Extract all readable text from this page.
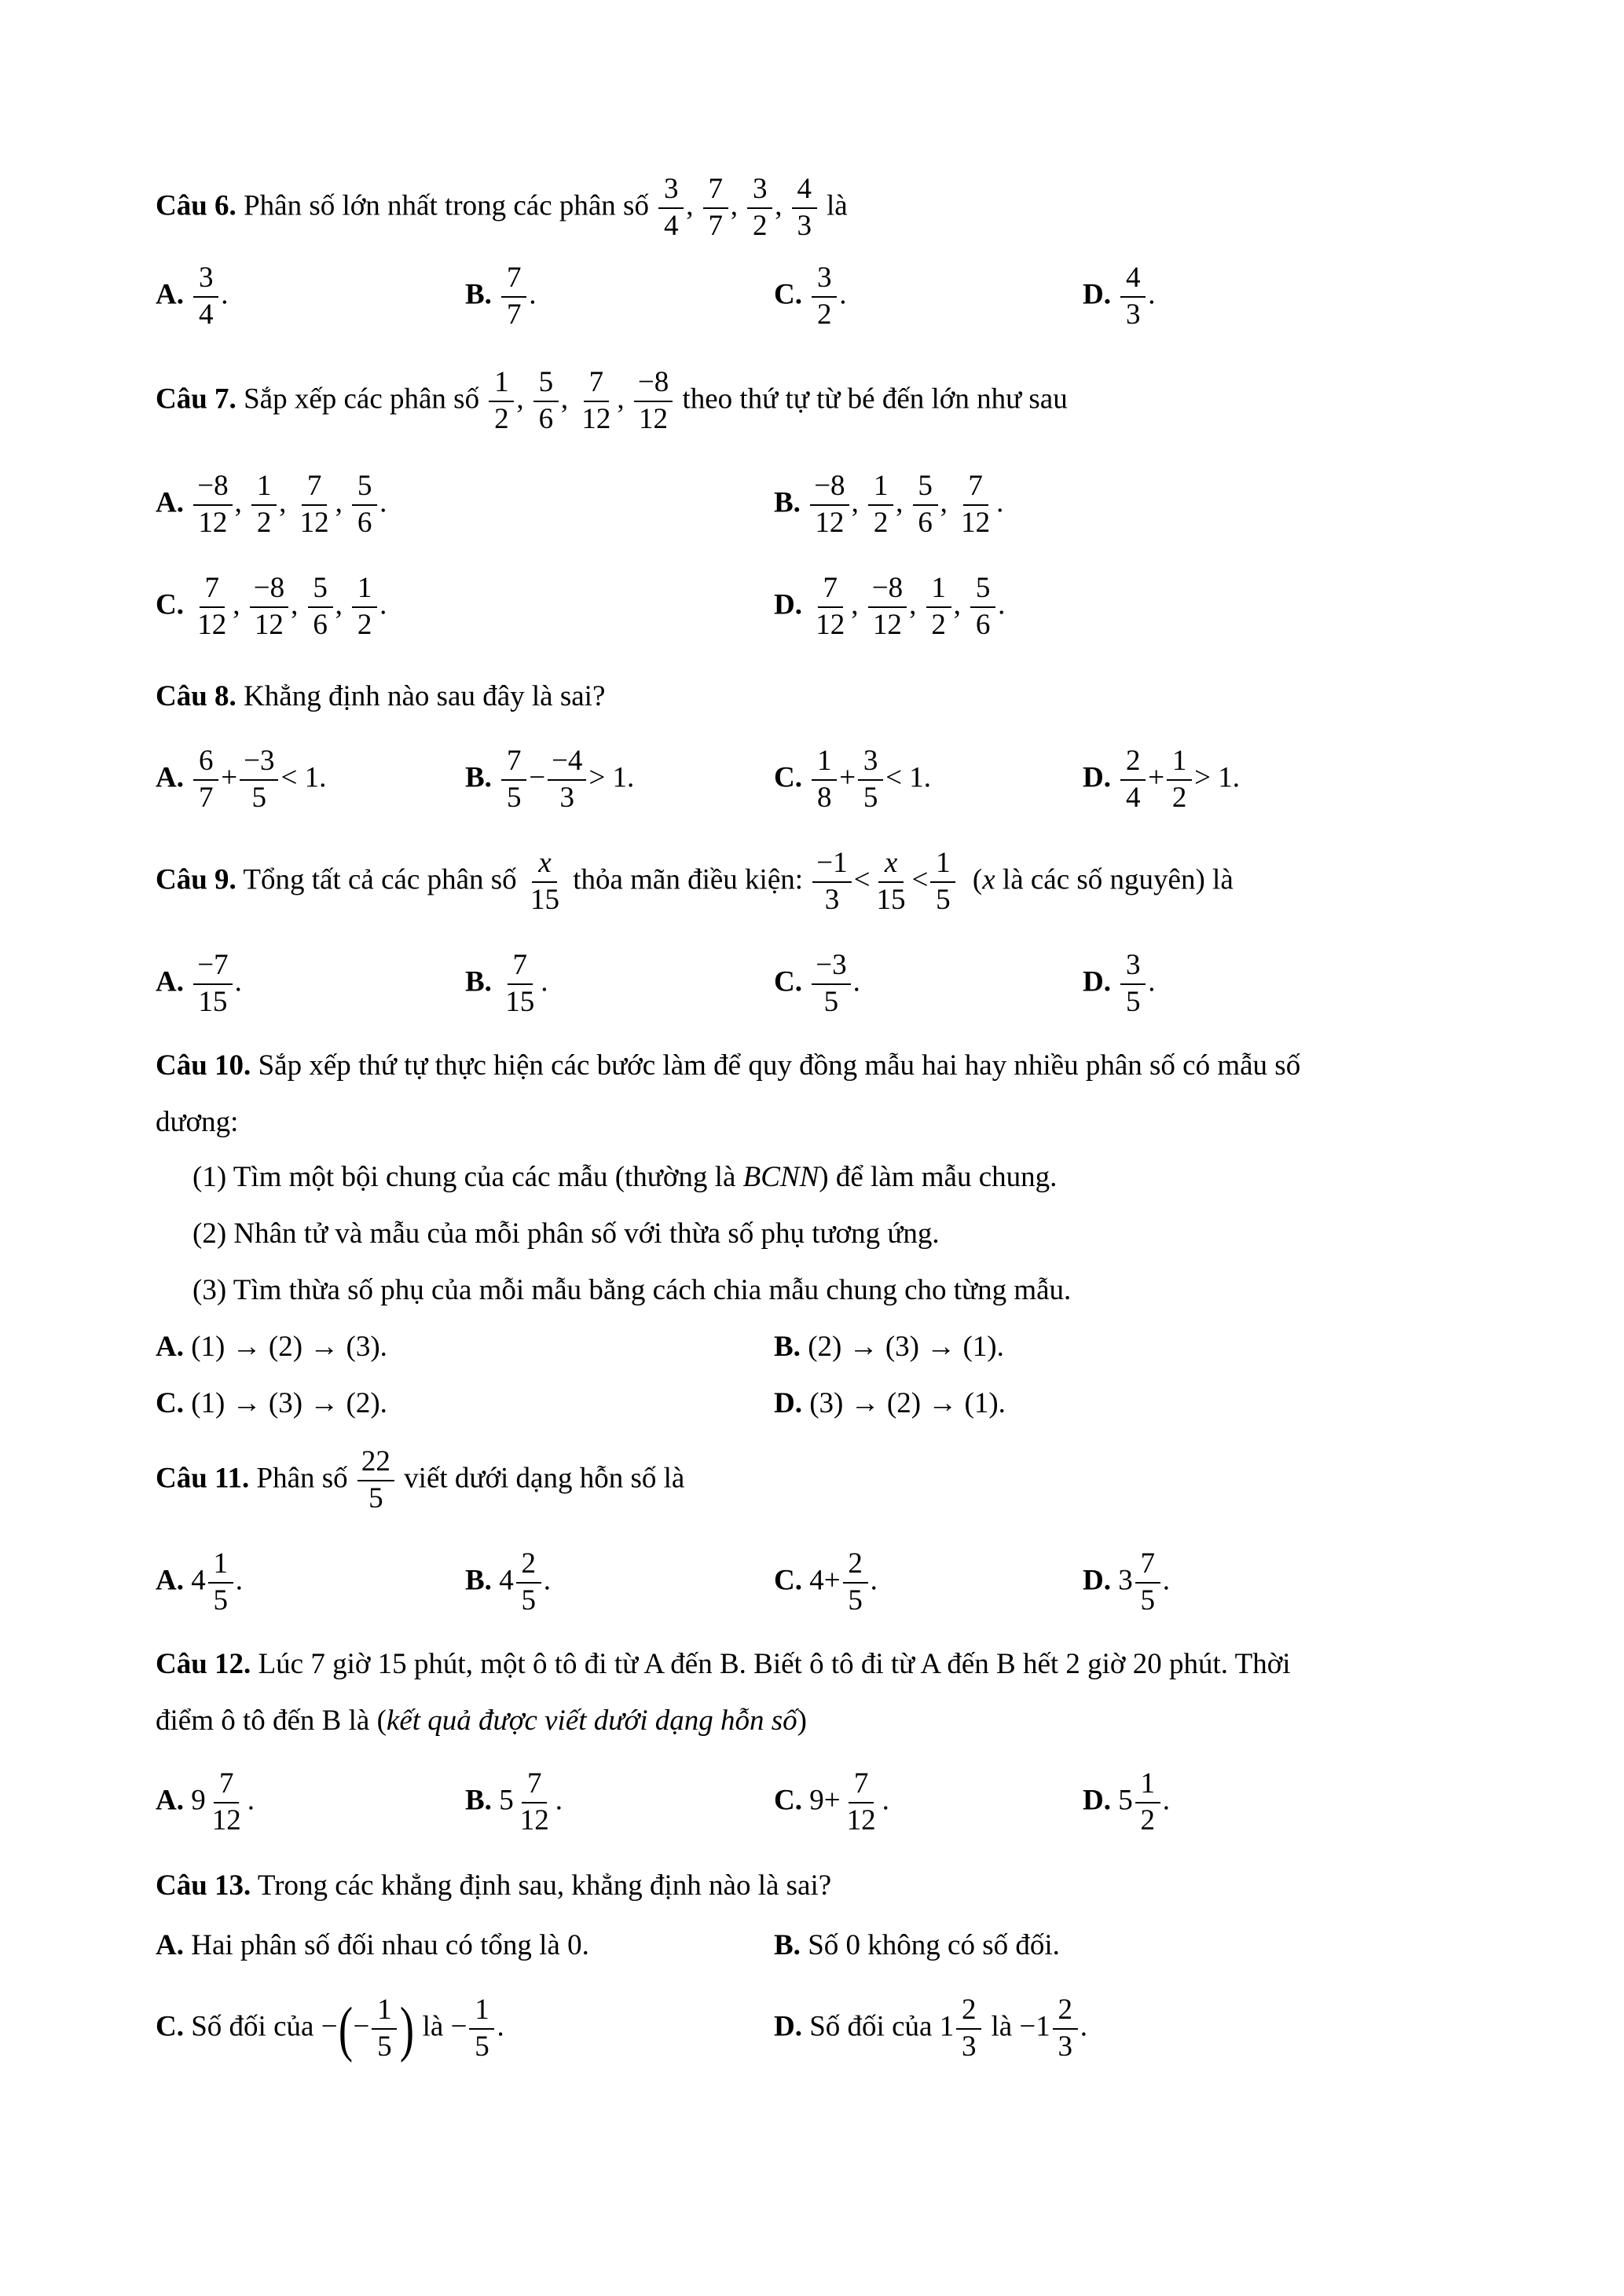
Câu 6. Phân số lớn nhất trong các phân số $\frac{3}{4}$ , $\frac{7}{7}$ , $\frac{3}{2}$ , $\frac{4}{3}$ là
A. $\frac{3}{4}$ .	B. $\frac{7}{7}$ .	C. $\frac{3}{2}$ .	D. $\frac{4}{3}$ .
Câu 7. Sắp xếp các phân số $\frac{1}{2}$ , $\frac{5}{6}$ , $\frac{7}{12}$ , $\frac{-8}{12}$ theo thứ tự từ bé đến lớn như sau
A. $\frac{-8}{12}$ , $\frac{1}{2}$ , $\frac{7}{12}$ , $\frac{5}{6}$ .	B. $\frac{-8}{12}$ , $\frac{1}{2}$ , $\frac{5}{6}$ , $\frac{7}{12}$ .
C. $\frac{7}{12}$ , $\frac{-8}{12}$ , $\frac{5}{6}$ , $\frac{1}{2}$ .	D. $\frac{7}{12}$ , $\frac{-8}{12}$ , $\frac{1}{2}$ , $\frac{5}{6}$ .
Câu 8. Khẳng định nào sau đây là sai?
A. $\frac{6}{7} + \frac{-3}{5} < 1$.	B. $\frac{7}{5} - \frac{-4}{3} > 1$.	C. $\frac{1}{8} + \frac{3}{5} < 1$.	D. $\frac{2}{4} + \frac{1}{2} > 1$.
Câu 9. Tổng tất cả các phân số $\frac{x}{15}$ thỏa mãn điều kiện: $\frac{-1}{3} < \frac{x}{15} < \frac{1}{5} (x$ là các số nguyên) là
A. $\frac{-7}{15}$ .	B. $\frac{7}{15}$ .	C. $\frac{-3}{5}$ .	D. $\frac{3}{5}$ .
Câu 10. Sắp xếp thứ tự thực hiện các bước làm để quy đồng mẫu hai hay nhiều phân số có mẫu số
dương:
(1) Tìm một bội chung của các mẫu (thường là BCNN) để làm mẫu chung.
(2) Nhân tử và mẫu của mỗi phân số với thừa số phụ tương ứng.
(3) Tìm thừa số phụ của mỗi mẫu bằng cách chia mẫu chung cho từng mẫu.
A. (1) → (2) → (3).	B. (2) → (3) → (1).
C. (1) → (3) → (2).	D. (3) → (2) → (1).
Câu 11. Phân số $\frac{22}{5}$ viết dưới dạng hỗn số là
A. $4 \frac{1}{5}$ .	B. $4 \frac{2}{5}$ .	C. $4+ \frac{2}{5}$ .	D. $3 \frac{7}{5}$ .
Câu 12. Lúc 7 giờ 15 phút, một ô tô đi từ A đến B. Biết ô tô đi từ A đến B hết 2 giờ 20 phút. Thời
điểm ô tô đến B là (kết quả được viết dưới dạng hỗn số)
A. $9 \frac{7}{12}$ .	B. $5 \frac{7}{12}$ .	C. $9+ \frac{7}{12}$ .	D. $5 \frac{1}{2}$ .
Câu 13. Trong các khẳng định sau, khẳng định nào là sai?
A. Hai phân số đối nhau có tổng là 0.	B. Số 0 không có số đối.
C. Số đối của −(− $\frac{1}{5}$ ) là − $\frac{1}{5}$ .	D. Số đối của $1 \frac{2}{3}$ là $-1 \frac{2}{3}$ .
